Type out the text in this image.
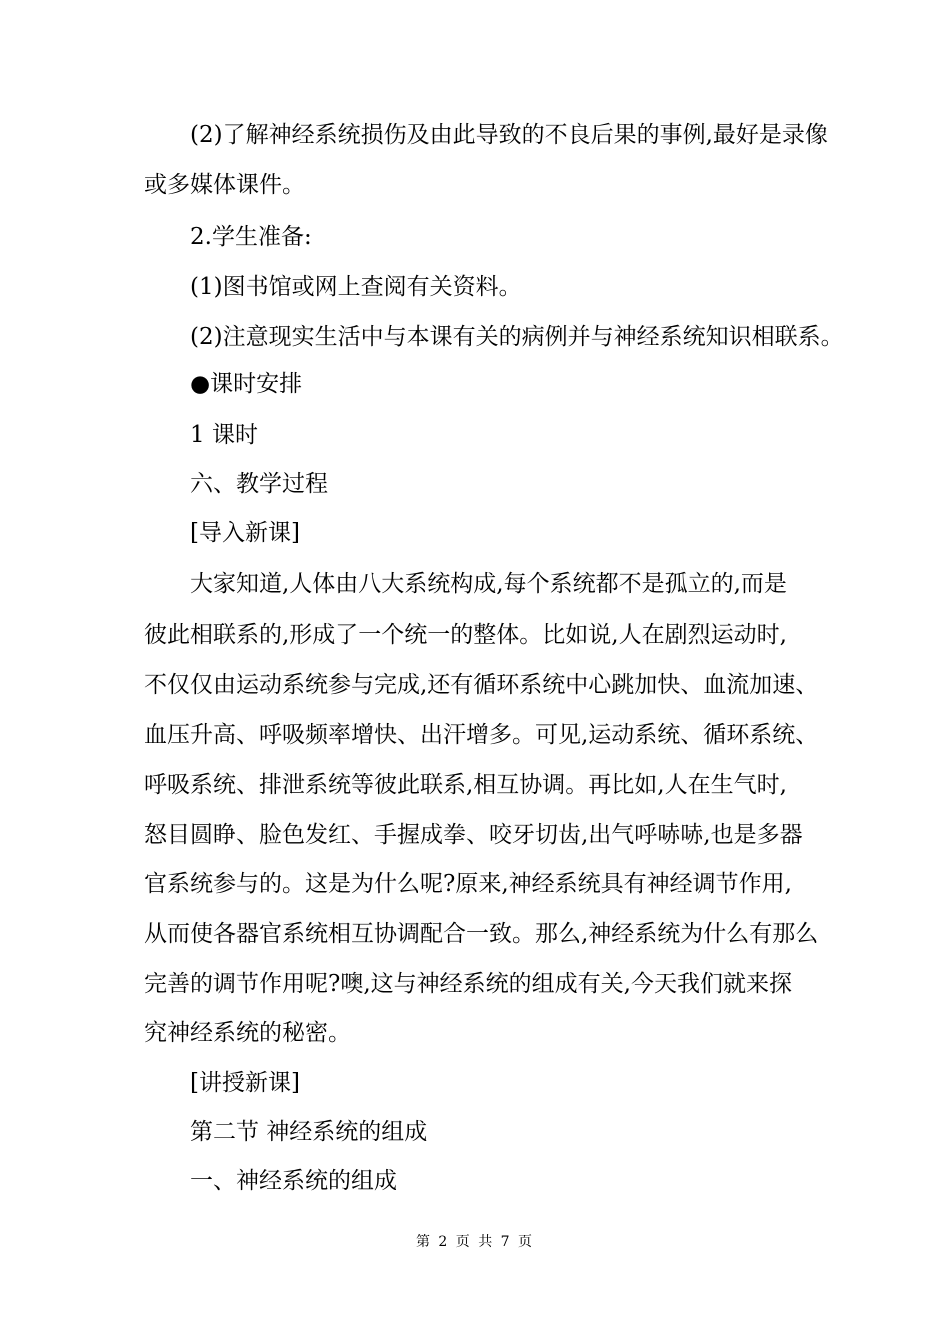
(2)了解神经系统损伤及由此导致的不良后果的事例,最好是录像
或多媒体课件。
2.学生准备:
(1)图书馆或网上查阅有关资料。
(2)注意现实生活中与本课有关的病例并与神经系统知识相联系。
●课时安排
1 课时
六、教学过程
[导入新课]
大家知道,人体由八大系统构成,每个系统都不是孤立的,而是
彼此相联系的,形成了一个统一的整体。比如说,人在剧烈运动时,
不仅仅由运动系统参与完成,还有循环系统中心跳加快、血流加速、
血压升高、呼吸频率增快、出汗增多。可见,运动系统、循环系统、
呼吸系统、排泄系统等彼此联系,相互协调。再比如,人在生气时,
怒目圆睁、脸色发红、手握成拳、咬牙切齿,出气呼哧哧,也是多器
官系统参与的。这是为什么呢?原来,神经系统具有神经调节作用,
从而使各器官系统相互协调配合一致。那么,神经系统为什么有那么
完善的调节作用呢?噢,这与神经系统的组成有关,今天我们就来探
究神经系统的秘密。
[讲授新课]
第二节 神经系统的组成
一、神经系统的组成
第 2 页 共 7 页
